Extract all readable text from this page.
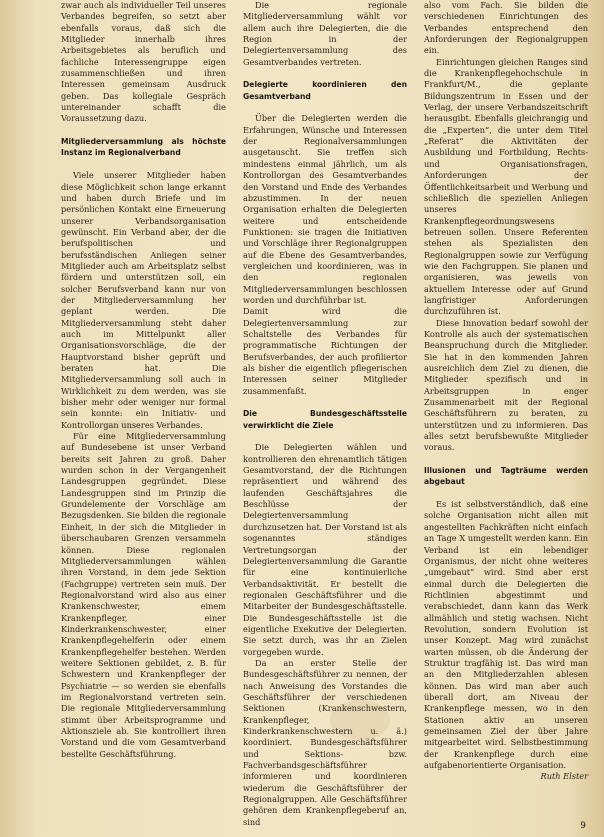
zwar auch als individueller Teil unseres Verbandes begreifen, so setzt aber ebenfalls voraus, daß sich die Mitglieder innerhalb ihres Arbeitsgebietes als beruflich und fachliche Interessengruppe eigen zusammenschließen und ihren Interessen gemeinsam Ausdruck geben. Das kollegiale Gespräch untereinander schafft die Voraussetzung dazu.

Mitgliederversammlung als höchste Instanz im Regionalverband

Viele unserer Mitglieder haben diese Möglichkeit schon lange erkannt und haben durch Briefe und im persönlichen Kontakt eine Erneuerung unserer Verbandsorganisation gewünscht. Ein Verband aber, der die berufspolitischen und berufsständischen Anliegen seiner Mitglieder auch am Arbeitsplatz selbst fördern und unterstützen soll, ein solcher Berufsverband kann nur von der Mitgliederversammlung her geplant werden. Die Mitgliederversammlung steht daher auch im Mittelpunkt aller Organisationsvorschläge, die der Hauptvorstand bisher geprüft und beraten hat. Die Mitgliederversammlung soll auch in Wirklichkeit zu dem werden, was sie bisher mehr oder weniger nur formal sein konnte: ein Initiativ- und Kontrollorgan unseres Verbandes.

Für eine Mitgliederversammlung auf Bundesebene ist unser Verband bereits seit Jahren zu groß. Daher wurden schon in der Vergangenheit Landesgruppen gegründet. Diese Landesgruppen sind im Prinzip die Grundelemente der Vorschläge am Bezugsdenken. Sie bilden die regionale Einheit, in der sich die Mitglieder in überschaubaren Grenzen versammeln können. Diese regionalen Mitgliederversammlungen wählen ihren Vorstand, in dem jede Sektion (Fachgruppe) vertreten sein muß. Der Regionalvorstand wird also aus einer Krankenschwester, einem Krankenpfleger, einer Kinderkrankenschwester, einer Krankenpflegehelferin oder einem Krankenpflegehelfer bestehen. Werden weitere Sektionen gebildet, z. B. für Schwestern und Krankenpfleger der Psychiatrie — so werden sie ebenfalls im Regionalvorstand vertreten sein. Die regionale Mitgliederversammlung stimmt über Arbeitsprogramme und Aktionsziele ab. Sie kontrolliert ihren Vorstand und die vom Gesamtverband bestellte Geschäftsführung.

Die regionale Mitgliederversammlung wählt vor allem auch ihre Delegierten, die die Region in der Delegiertenversammlung des Gesamtverbandes vertreten.

Delegierte koordinieren den Gesamtverband

Über die Delegierten werden die Erfahrungen, Wünsche und Interessen der Regionalversammlungen ausgetauscht. Sie treffen sich mindestens einmal jährlich, um als Kontrollorgan des Gesamtverbandes den Vorstand und Ende des Verbandes abzustimmen. In der neuen Organisation erhalten die Delegierten weitere und entscheidende Funktionen: sie tragen die Initiativen und Vorschläge ihrer Regionalgruppen auf die Ebene des Gesamtverbandes, vergleichen und koordinieren, was in den regionalen Mitgliederversammlungen beschlossen worden und durchführbar ist.

Damit wird die Delegiertenversammlung zur Schaltstelle des Verbandes für programmatische Richtungen der Berufsverbandes, der auch profiliertor als bisher die eigentlich pflegerischen Interessen seiner Mitglieder zusammenfaßt.

Die Bundesgeschäftsstelle verwirklicht die Ziele

Die Delegierten wählen und kontrollieren den ehrenamtlich tätigen Gesamtvorstand, der die Richtungen repräsentiert und während des laufenden Geschäftsjahres die Beschlüsse der Delegiertenversammlung durchzusetzen hat. Der Vorstand ist als sogenanntes ständiges Vertretungsorgan der Delegiertenversammlung die Garantie für eine kontinuierliche Verbandsaktivität. Er bestellt die regionalen Geschäftsführer und die Mitarbeiter der Bundesgeschäftsstelle. Die Bundesgeschäftsstelle ist die eigentliche Exekutive der Delegierten. Sie setzt durch, was ihr an Zielen vorgegeben wurde.

Da an erster Stelle der Bundesgeschäftsführer zu nennen, der nach Anweisung des Vorstandes die Geschäftsführer der verschiedenen Sektionen (Krankenschwestern, Krankenpfleger, Kinderkrankenschwestern u. ä.) koordiniert. Bundesgeschäftsführer und Sektions- bzw. Fachverbandsgeschäftsführer informieren und koordinieren wiederum die Geschäftsführer der Regionalgruppen. Alle Geschäftsführer gehören dem Krankenpflegeberuf an, sind

also vom Fach. Sie bilden die verschiedenen Einrichtungen des Verbandes entsprechend den Anforderungen der Regionalgruppen ein.

Einrichtungen gleichen Ranges sind die Krankenpflegehochschule in Frankfurt/M., die geplante Bildungszentrum in Essen und der Verlag, der unsere Verbandszeitschrift herausgibt. Ebenfalls gleichrangig und die „Experten“, die unter dem Titel „Referat“ die Aktivitäten der Ausbildung und Fortbildung, Rechts- und Organisationsfragen, Anforderungen der Öffentlichkeitsarbeit und Werbung und schließlich die speziellen Anliegen unseres Krankenpflegeordnungswesens betreuen sollen. Unsere Referenten stehen als Spezialisten den Regionalgruppen sowie zur Verfügung wie den Fachgruppen. Sie planen und organisieren, was jeweils von aktuellem Interesse oder auf Grund langfristiger Anforderungen durchzuführen ist.

Diese Innovation bedarf sowohl der Kontrolle als auch der systematischen Beanspruchung durch die Mitglieder. Sie hat in den kommenden Jahren ausreichlich dem Ziel zu dienen, die Mitglieder spezifisch und in Arbeitsgruppen in enger Zusammenarbeit mit der Regional Geschäftsführern zu beraten, zu unterstützen und zu informieren. Das alles setzt berufsbewußte Mitglieder voraus.

Illusionen und Tagträume werden abgebaut

Es ist selbstverständlich, daß eine solche Organisation nicht allen mit angestellten Fachkräften nicht einfach an Tage X umgestellt werden kann. Ein Verband ist ein lebendiger Organismus, der nicht ohne weiteres „umgebaut“ wird. Sind aber erst einmal durch die Delegierten die Richtlinien abgestimmt und verabschiedet, dann kann das Werk allmählich und stetig wachsen. Nicht Revolution, sondern Evolution ist unser Konzept. Mag wird zunächst warten müssen, ob die Änderung der Struktur tragfähig ist. Das wird man an den Mitgliederzahlen ablesen können. Das wird man aber auch überall dort, am Niveau der Krankenpflege messen, wo in den Stationen aktiv an unseren gemeinsamen Ziel der über Jahre mitgearbeitet wird. Selbstbestimmung der Krankenpflege durch eine aufgabenorientierte Organisation.

Ruth Elster

9
